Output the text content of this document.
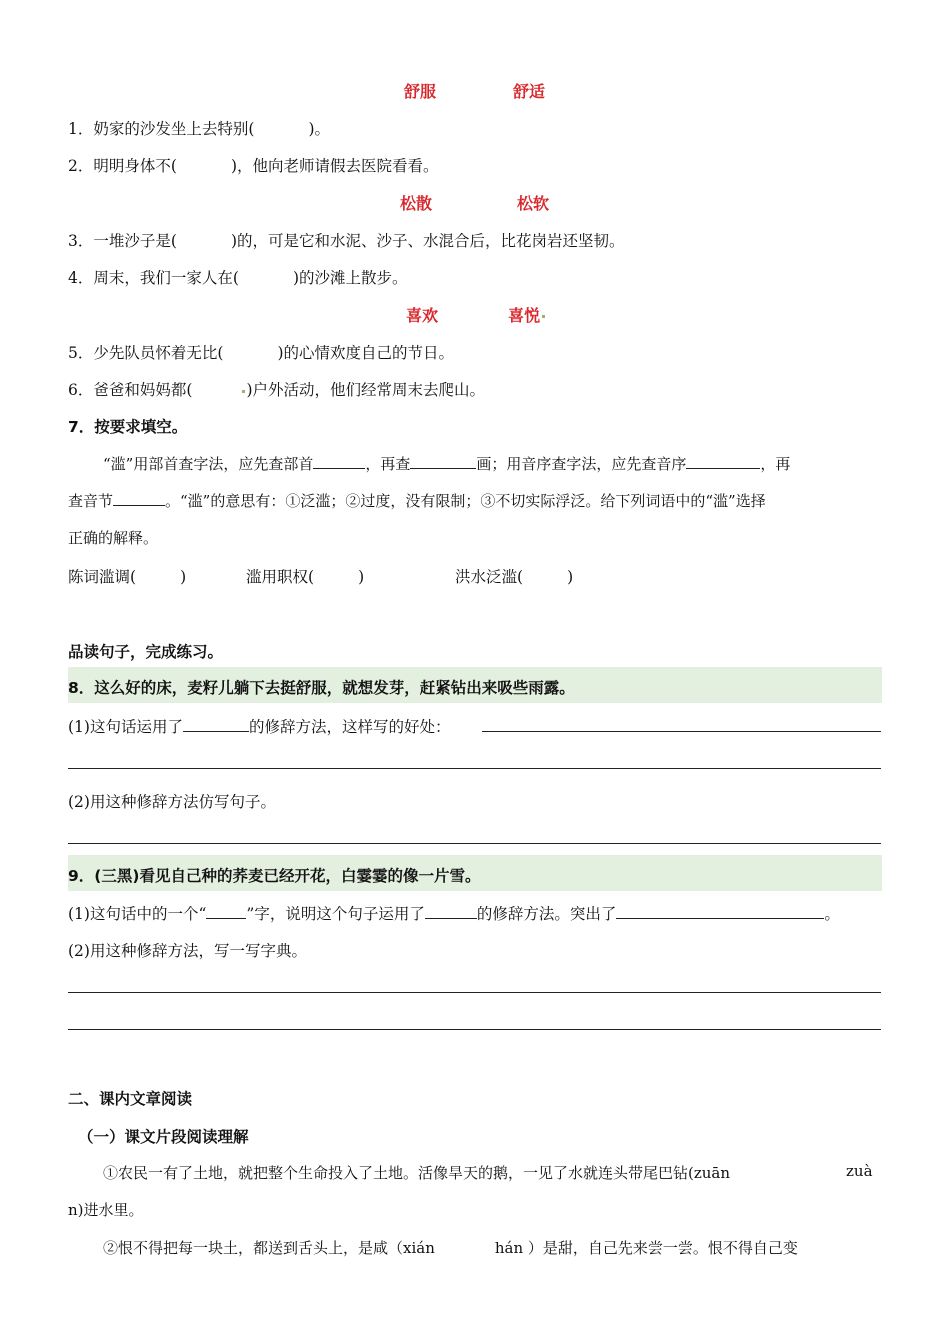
舒服	舒适
1．奶家的沙发坐上去特别(	)。
2．明明身体不(	)，他向老师请假去医院看看。
松散	松软
3．一堆沙子是(	)的，可是它和水泥、沙子、水混合后，比花岗岩还坚韧。
4．周末，我们一家人在(	)的沙滩上散步。
喜欢	喜悦
5．少先队员怀着无比(	)的心情欢度自己的节日。
6．爸爸和妈妈都(	)户外活动，他们经常周末去爬山。
7．按要求填空。
“滥”用部首查字法，应先查部首	，再查	画；用音序查字法，应先查音序	，再
查音节	。“滥”的意思有：①泛滥；②过度，没有限制；③不切实际浮泛。给下列词语中的“滥”选择
正确的解释。
陈词滥调(	)	滥用职权(	)	洪水泛滥(	)
品读句子，完成练习。
8．这么好的床，麦籽儿躺下去挺舒服，就想发芽，赶紧钻出来吸些雨露。
(1)这句话运用了	的修辞方法，这样写的好处：
(2)用这种修辞方法仿写句子。
9．(三黑)看见自己种的荞麦已经开花，白霎霎的像一片雪。
(1)这句话中的一个“	”字，说明这个句子运用了	的修辞方法。突出了	。
(2)用这种修辞方法，写一写字典。
二、课内文章阅读
（一）课文片段阅读理解
①农民一有了土地，就把整个生命投入了土地。活像旱天的鹅，一见了水就连头带尾巴钻(zuān	zuà
n)进水里。
②恨不得把每一块土，都送到舌头上，是咸（xián	hán ）是甜，自己先来尝一尝。恨不得自己变
